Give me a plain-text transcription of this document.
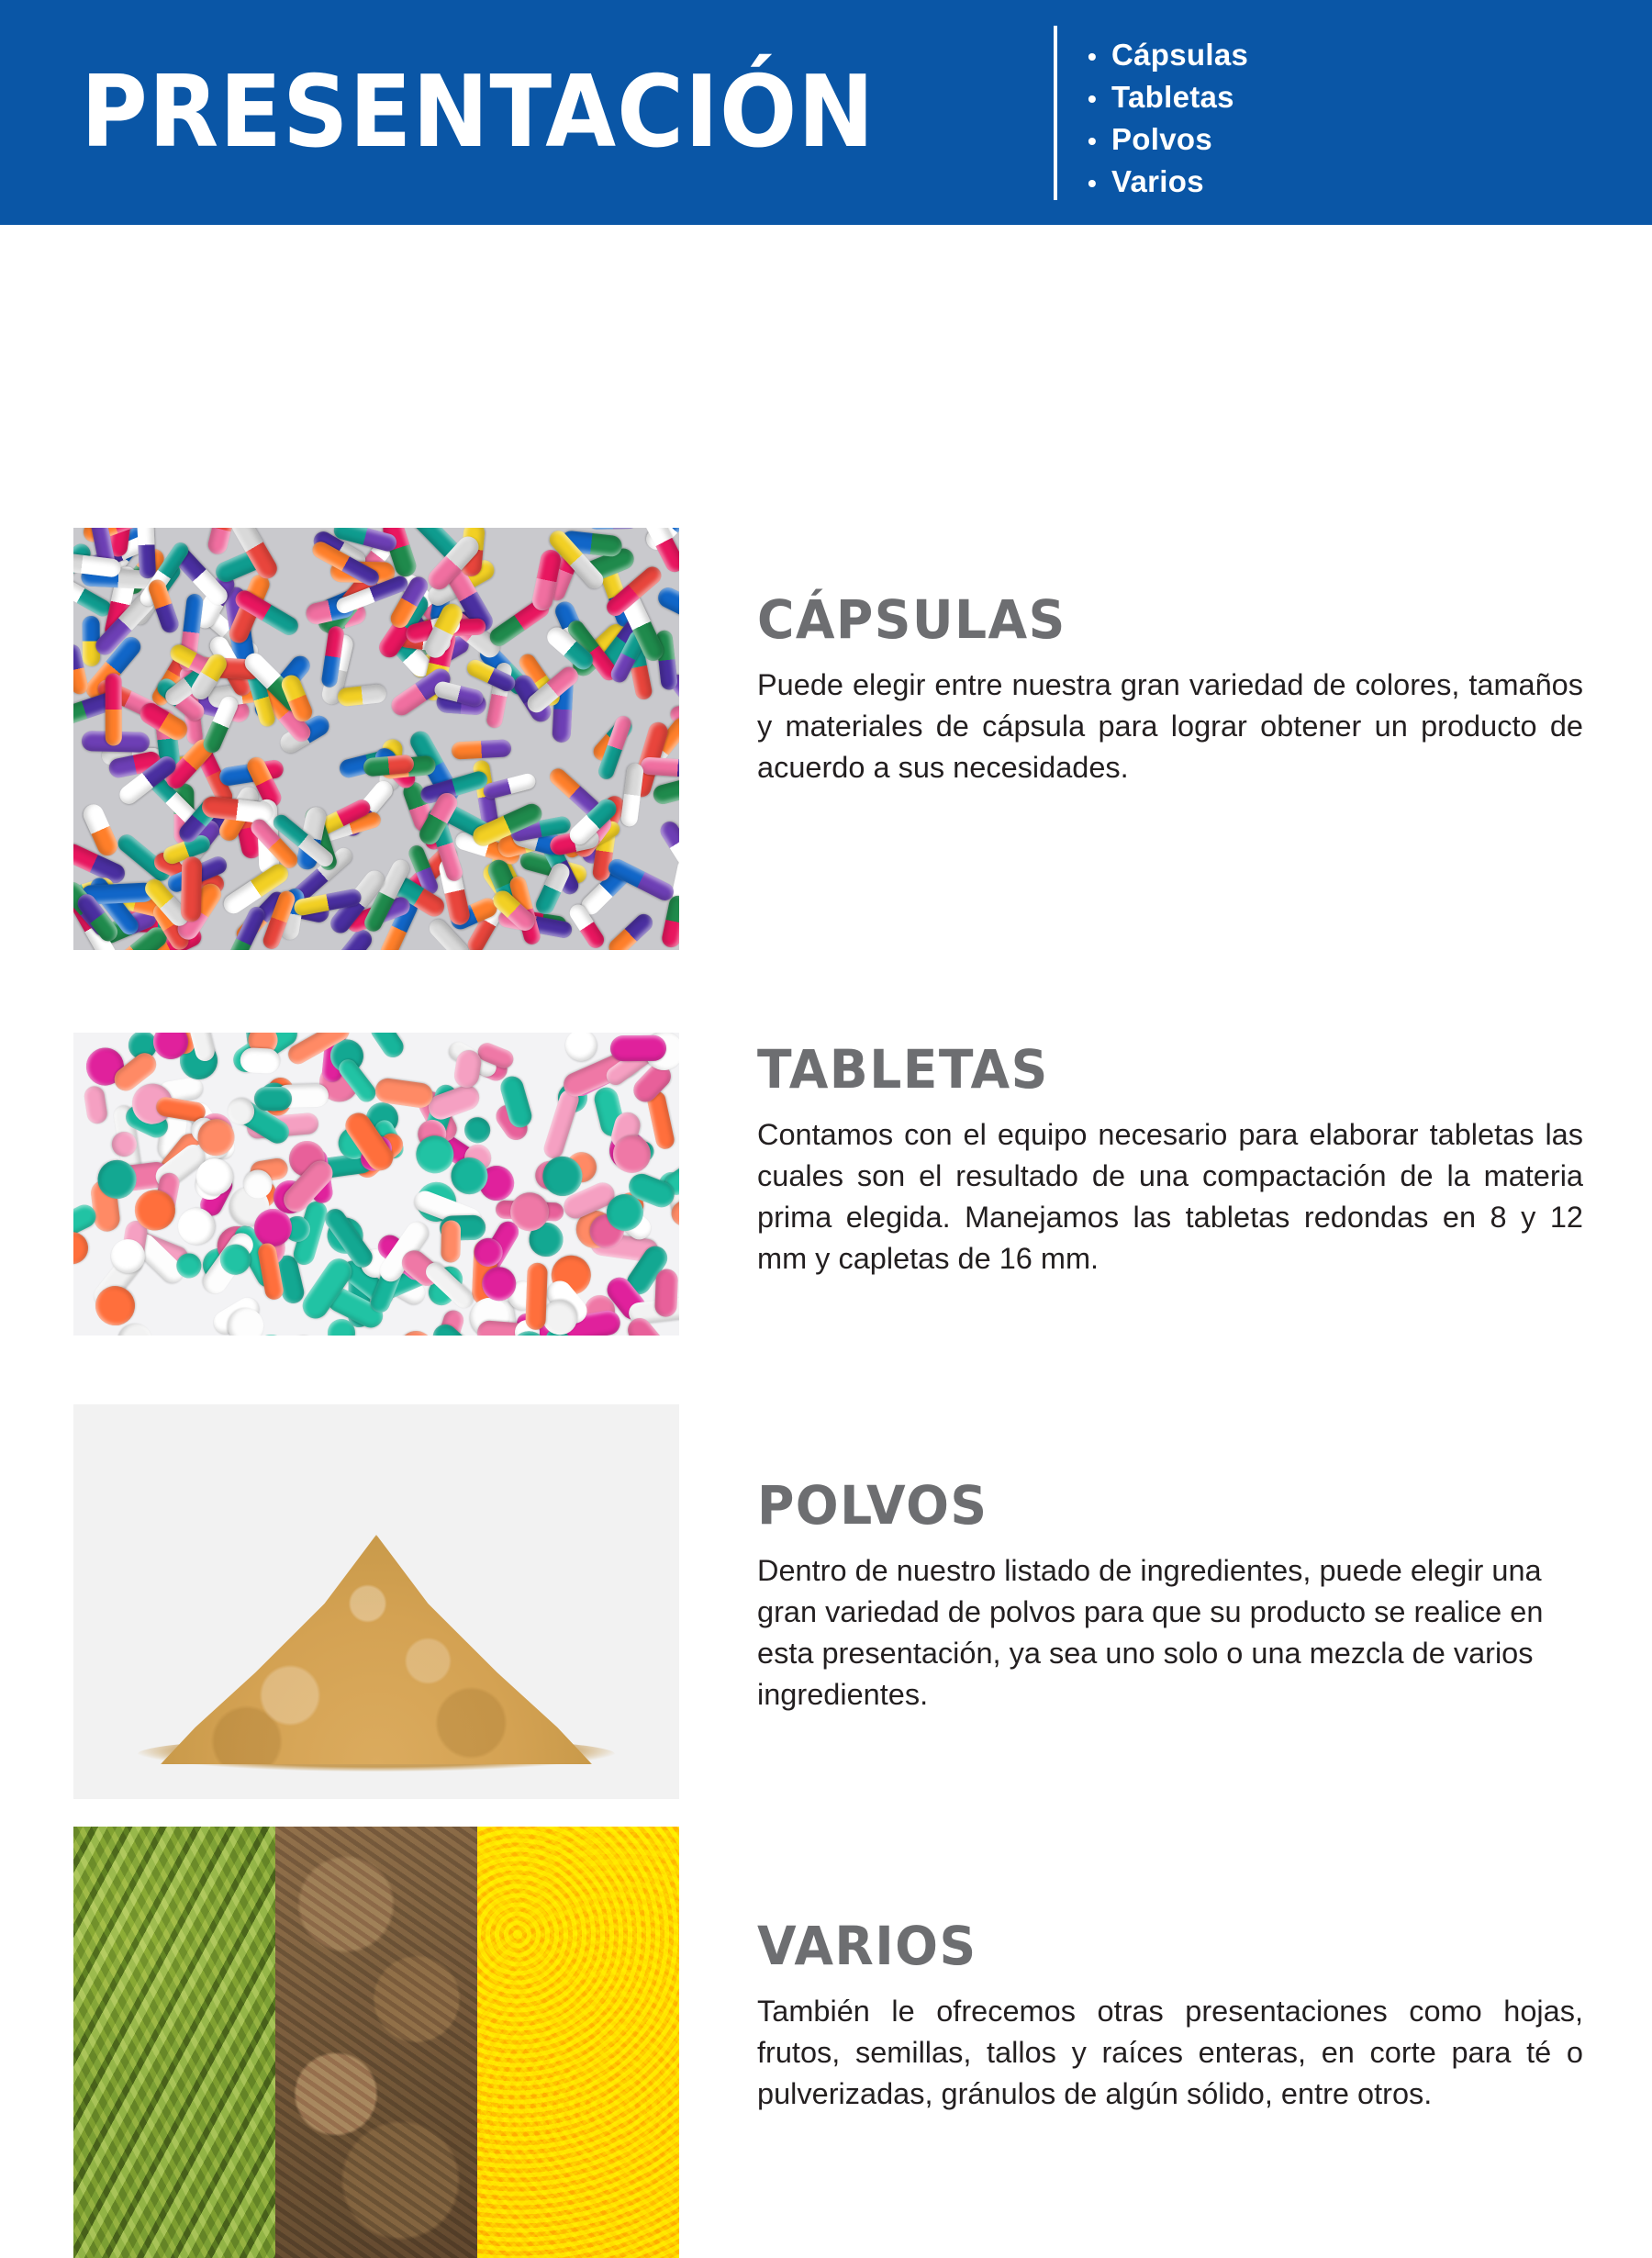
PRESENTACIÓN	• Cápsulas
• Tabletas
• Polvos
• Varios
CÁPSULAS

Puede elegir entre nuestra gran variedad de colores, tamaños y materiales de cápsula para lograr obtener un producto de acuerdo a sus necesidades.

TABLETAS

Contamos con el equipo necesario para elaborar tabletas las cuales son el resultado de una compactación de la materia prima elegida. Manejamos las tabletas redondas en 8 y 12 mm y capletas de 16 mm.

POLVOS

Dentro de nuestro listado de ingredientes, puede elegir una gran variedad de polvos para que su producto se realice en esta presentación, ya sea uno solo o una mezcla de varios ingredientes.

VARIOS

También le ofrecemos otras presentaciones como hojas, frutos, semillas, tallos y raíces enteras, en corte para té o pulverizadas, gránulos de algún sólido, entre otros.
